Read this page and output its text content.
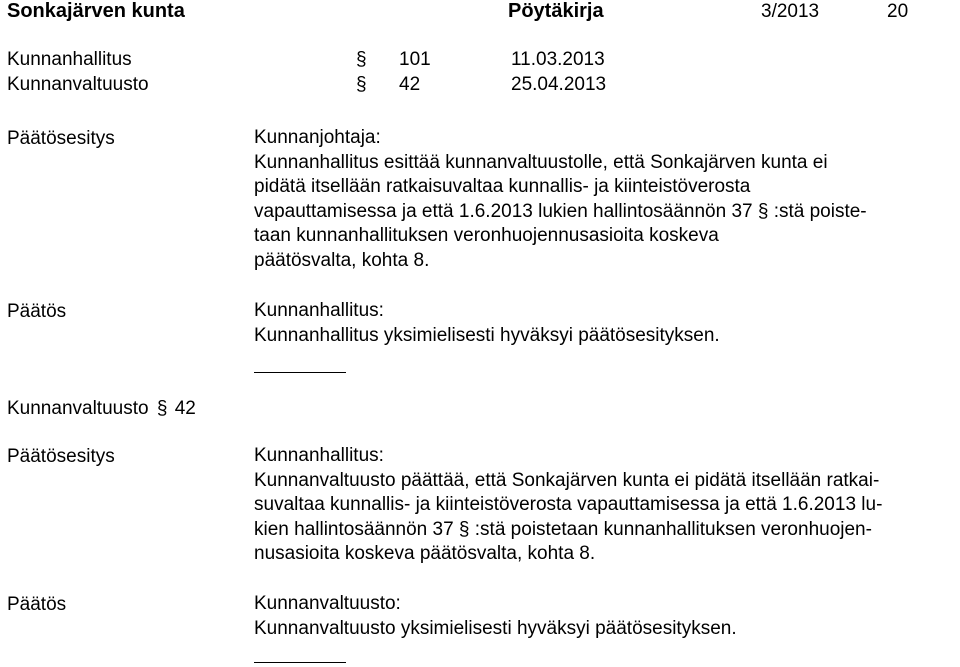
Sonkajärven kunta	Pöytäkirja	3/2013	20
Kunnanhallitus	§ 101	11.03.2013
Kunnanvaltuusto	§ 42	25.04.2013
Päätösesitys	Kunnanjohtaja:
Kunnanhallitus esittää kunnanvaltuustolle, että Sonkajärven kunta ei
pidätä itsellään ratkaisuvaltaa kunnallis- ja kiinteistöverosta
vapauttamisessa ja että 1.6.2013 lukien hallintosäännön 37 § :stä poiste-
taan kunnanhallituksen veronhuojennusasioita koskeva
päätösvalta, kohta 8.
Päätös	Kunnanhallitus:
Kunnanhallitus yksimielisesti hyväksyi päätösesityksen.
Kunnanvaltuusto § 42
Päätösesitys	Kunnanhallitus:
Kunnanvaltuusto päättää, että Sonkajärven kunta ei pidätä itsellään ratkai-
suvaltaa kunnallis- ja kiinteistöverosta vapauttamisessa ja että 1.6.2013 lu-
kien hallintosäännön 37 § :stä poistetaan kunnanhallituksen veronhuojen-
nusasioita koskeva päätösvalta, kohta 8.
Päätös	Kunnanvaltuusto:
Kunnanvaltuusto yksimielisesti hyväksyi päätösesityksen.
